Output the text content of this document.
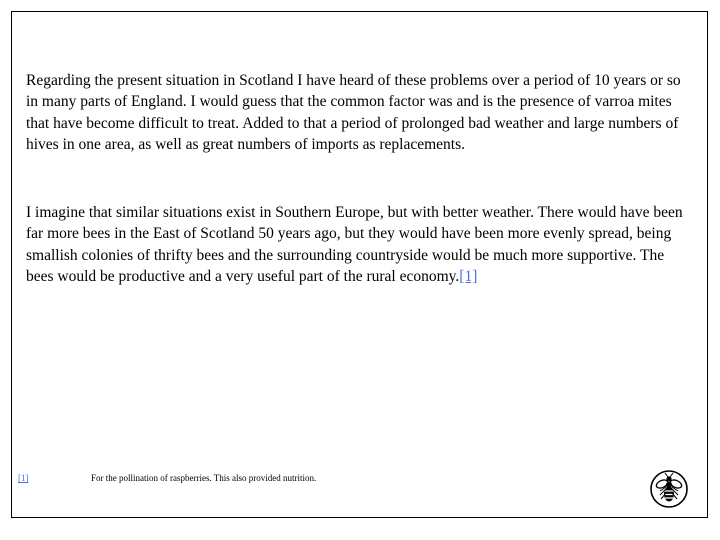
Regarding the present situation in Scotland I have heard of these problems over a period of 10 years or so in many parts of England. I would guess that the common factor was and is the presence of varroa mites that have become difficult to treat. Added to that a period of prolonged bad weather and large numbers of hives in one area, as well as great numbers of imports as replacements.

I imagine that similar situations exist in Southern Europe, but with better weather. There would have been far more bees in the East of Scotland 50 years ago, but they would have been more evenly spread, being smallish colonies of thrifty bees and the surrounding countryside would be much more supportive. The bees would be productive and a very useful part of the rural economy.[1]

[1]	For the pollination of raspberries. This also provided nutrition.
